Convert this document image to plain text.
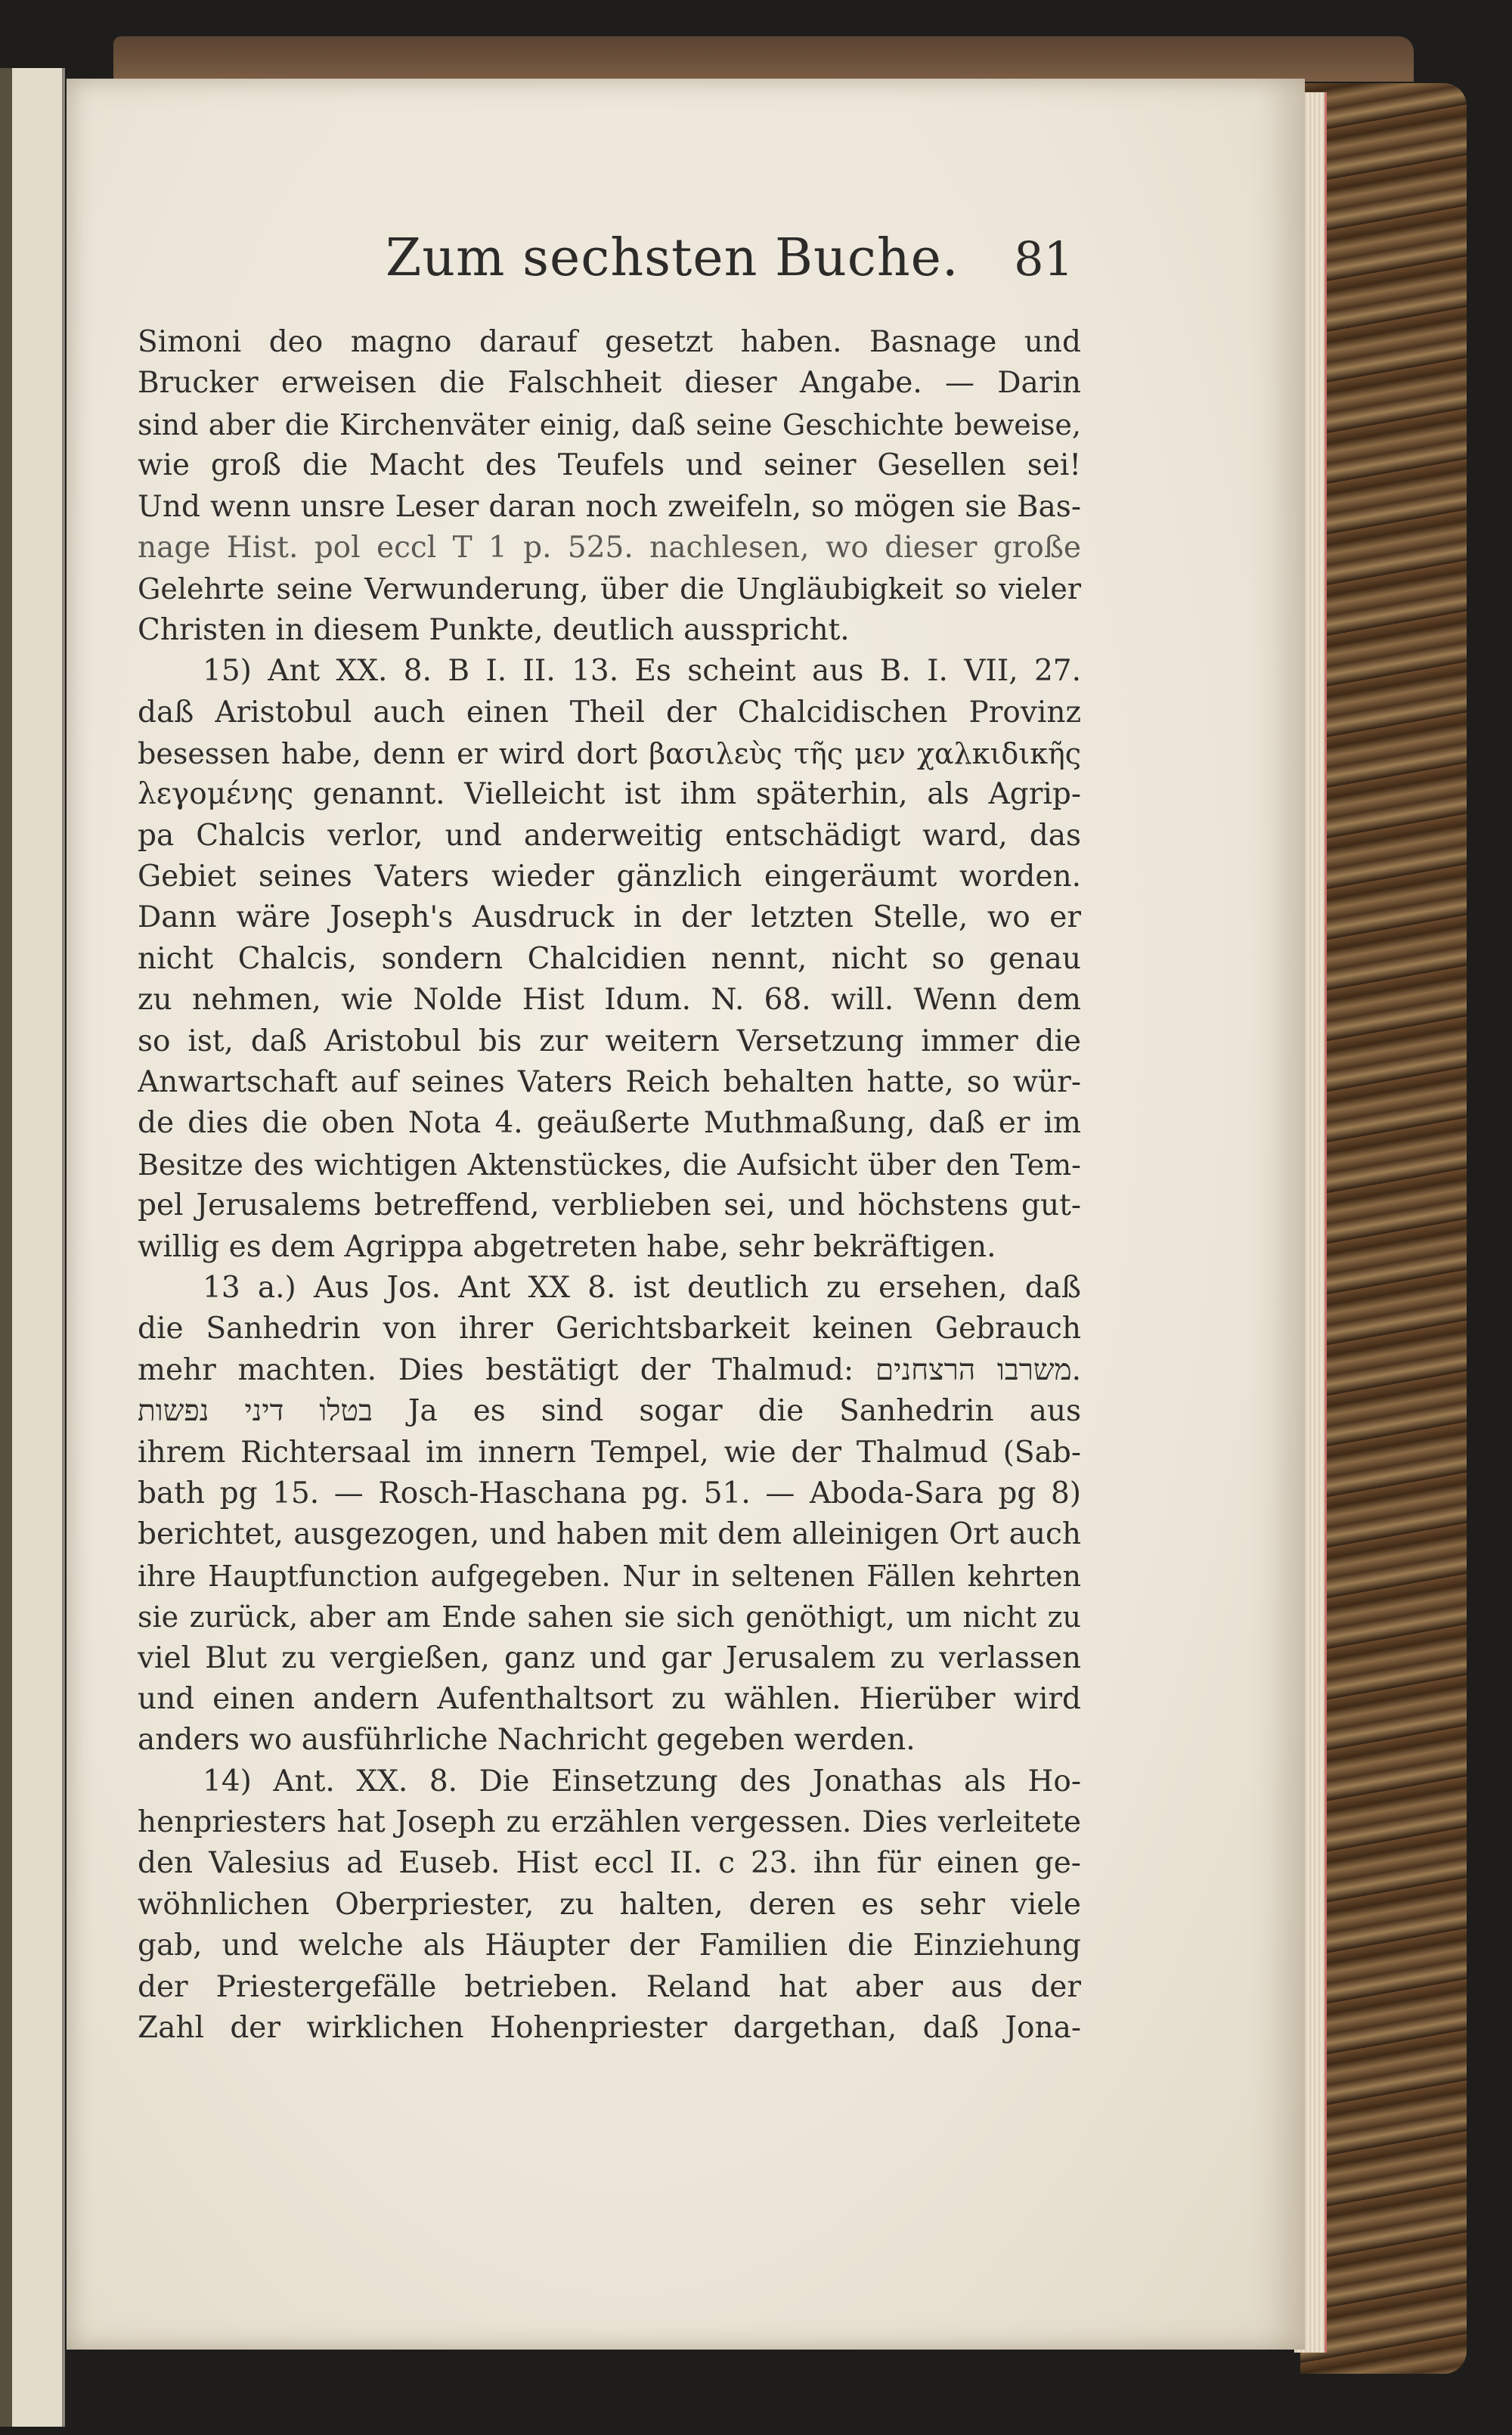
Zum sechsten Buche. 81
Simoni deo magno darauf gesetzt haben. Basnage und
Brucker erweisen die Falschheit dieser Angabe. — Darin
sind aber die Kirchenväter einig, daß seine Geschichte beweise,
wie groß die Macht des Teufels und seiner Gesellen sei!
Und wenn unsre Leser daran noch zweifeln, so mögen sie Bas-
nage Hist. pol eccl T 1 p. 525. nachlesen, wo dieser große
Gelehrte seine Verwunderung, über die Ungläubigkeit so vieler
Christen in diesem Punkte, deutlich ausspricht.
15) Ant XX. 8. B I. II. 13. Es scheint aus B. I. VII, 27.
daß Aristobul auch einen Theil der Chalcidischen Provinz
besessen habe, denn er wird dort βασιλεὺς τῆς μεν χαλκιδικῆς
λεγομένης genannt. Vielleicht ist ihm späterhin, als Agrip-
pa Chalcis verlor, und anderweitig entschädigt ward, das
Gebiet seines Vaters wieder gänzlich eingeräumt worden.
Dann wäre Joseph's Ausdruck in der letzten Stelle, wo er
nicht Chalcis, sondern Chalcidien nennt, nicht so genau
zu nehmen, wie Nolde Hist Idum. N. 68. will. Wenn dem
so ist, daß Aristobul bis zur weitern Versetzung immer die
Anwartschaft auf seines Vaters Reich behalten hatte, so wür-
de dies die oben Nota 4. geäußerte Muthmaßung, daß er im
Besitze des wichtigen Aktenstückes, die Aufsicht über den Tem-
pel Jerusalems betreffend, verblieben sei, und höchstens gut-
willig es dem Agrippa abgetreten habe, sehr bekräftigen.
13 a.) Aus Jos. Ant XX 8. ist deutlich zu ersehen, daß
die Sanhedrin von ihrer Gerichtsbarkeit keinen Gebrauch
mehr machten. Dies bestätigt der Thalmud: משרבו הרצחנים.
בטלו דיני נפשות Ja es sind sogar die Sanhedrin aus
ihrem Richtersaal im innern Tempel, wie der Thalmud (Sab-
bath pg 15. — Rosch-Haschana pg. 51. — Aboda-Sara pg 8)
berichtet, ausgezogen, und haben mit dem alleinigen Ort auch
ihre Hauptfunction aufgegeben. Nur in seltenen Fällen kehrten
sie zurück, aber am Ende sahen sie sich genöthigt, um nicht zu
viel Blut zu vergießen, ganz und gar Jerusalem zu verlassen
und einen andern Aufenthaltsort zu wählen. Hierüber wird
anders wo ausführliche Nachricht gegeben werden.
14) Ant. XX. 8. Die Einsetzung des Jonathas als Ho-
henpriesters hat Joseph zu erzählen vergessen. Dies verleitete
den Valesius ad Euseb. Hist eccl II. c 23. ihn für einen ge-
wöhnlichen Oberpriester, zu halten, deren es sehr viele
gab, und welche als Häupter der Familien die Einziehung
der Priestergefälle betrieben. Reland hat aber aus der
Zahl der wirklichen Hohenpriester dargethan, daß Jona-
